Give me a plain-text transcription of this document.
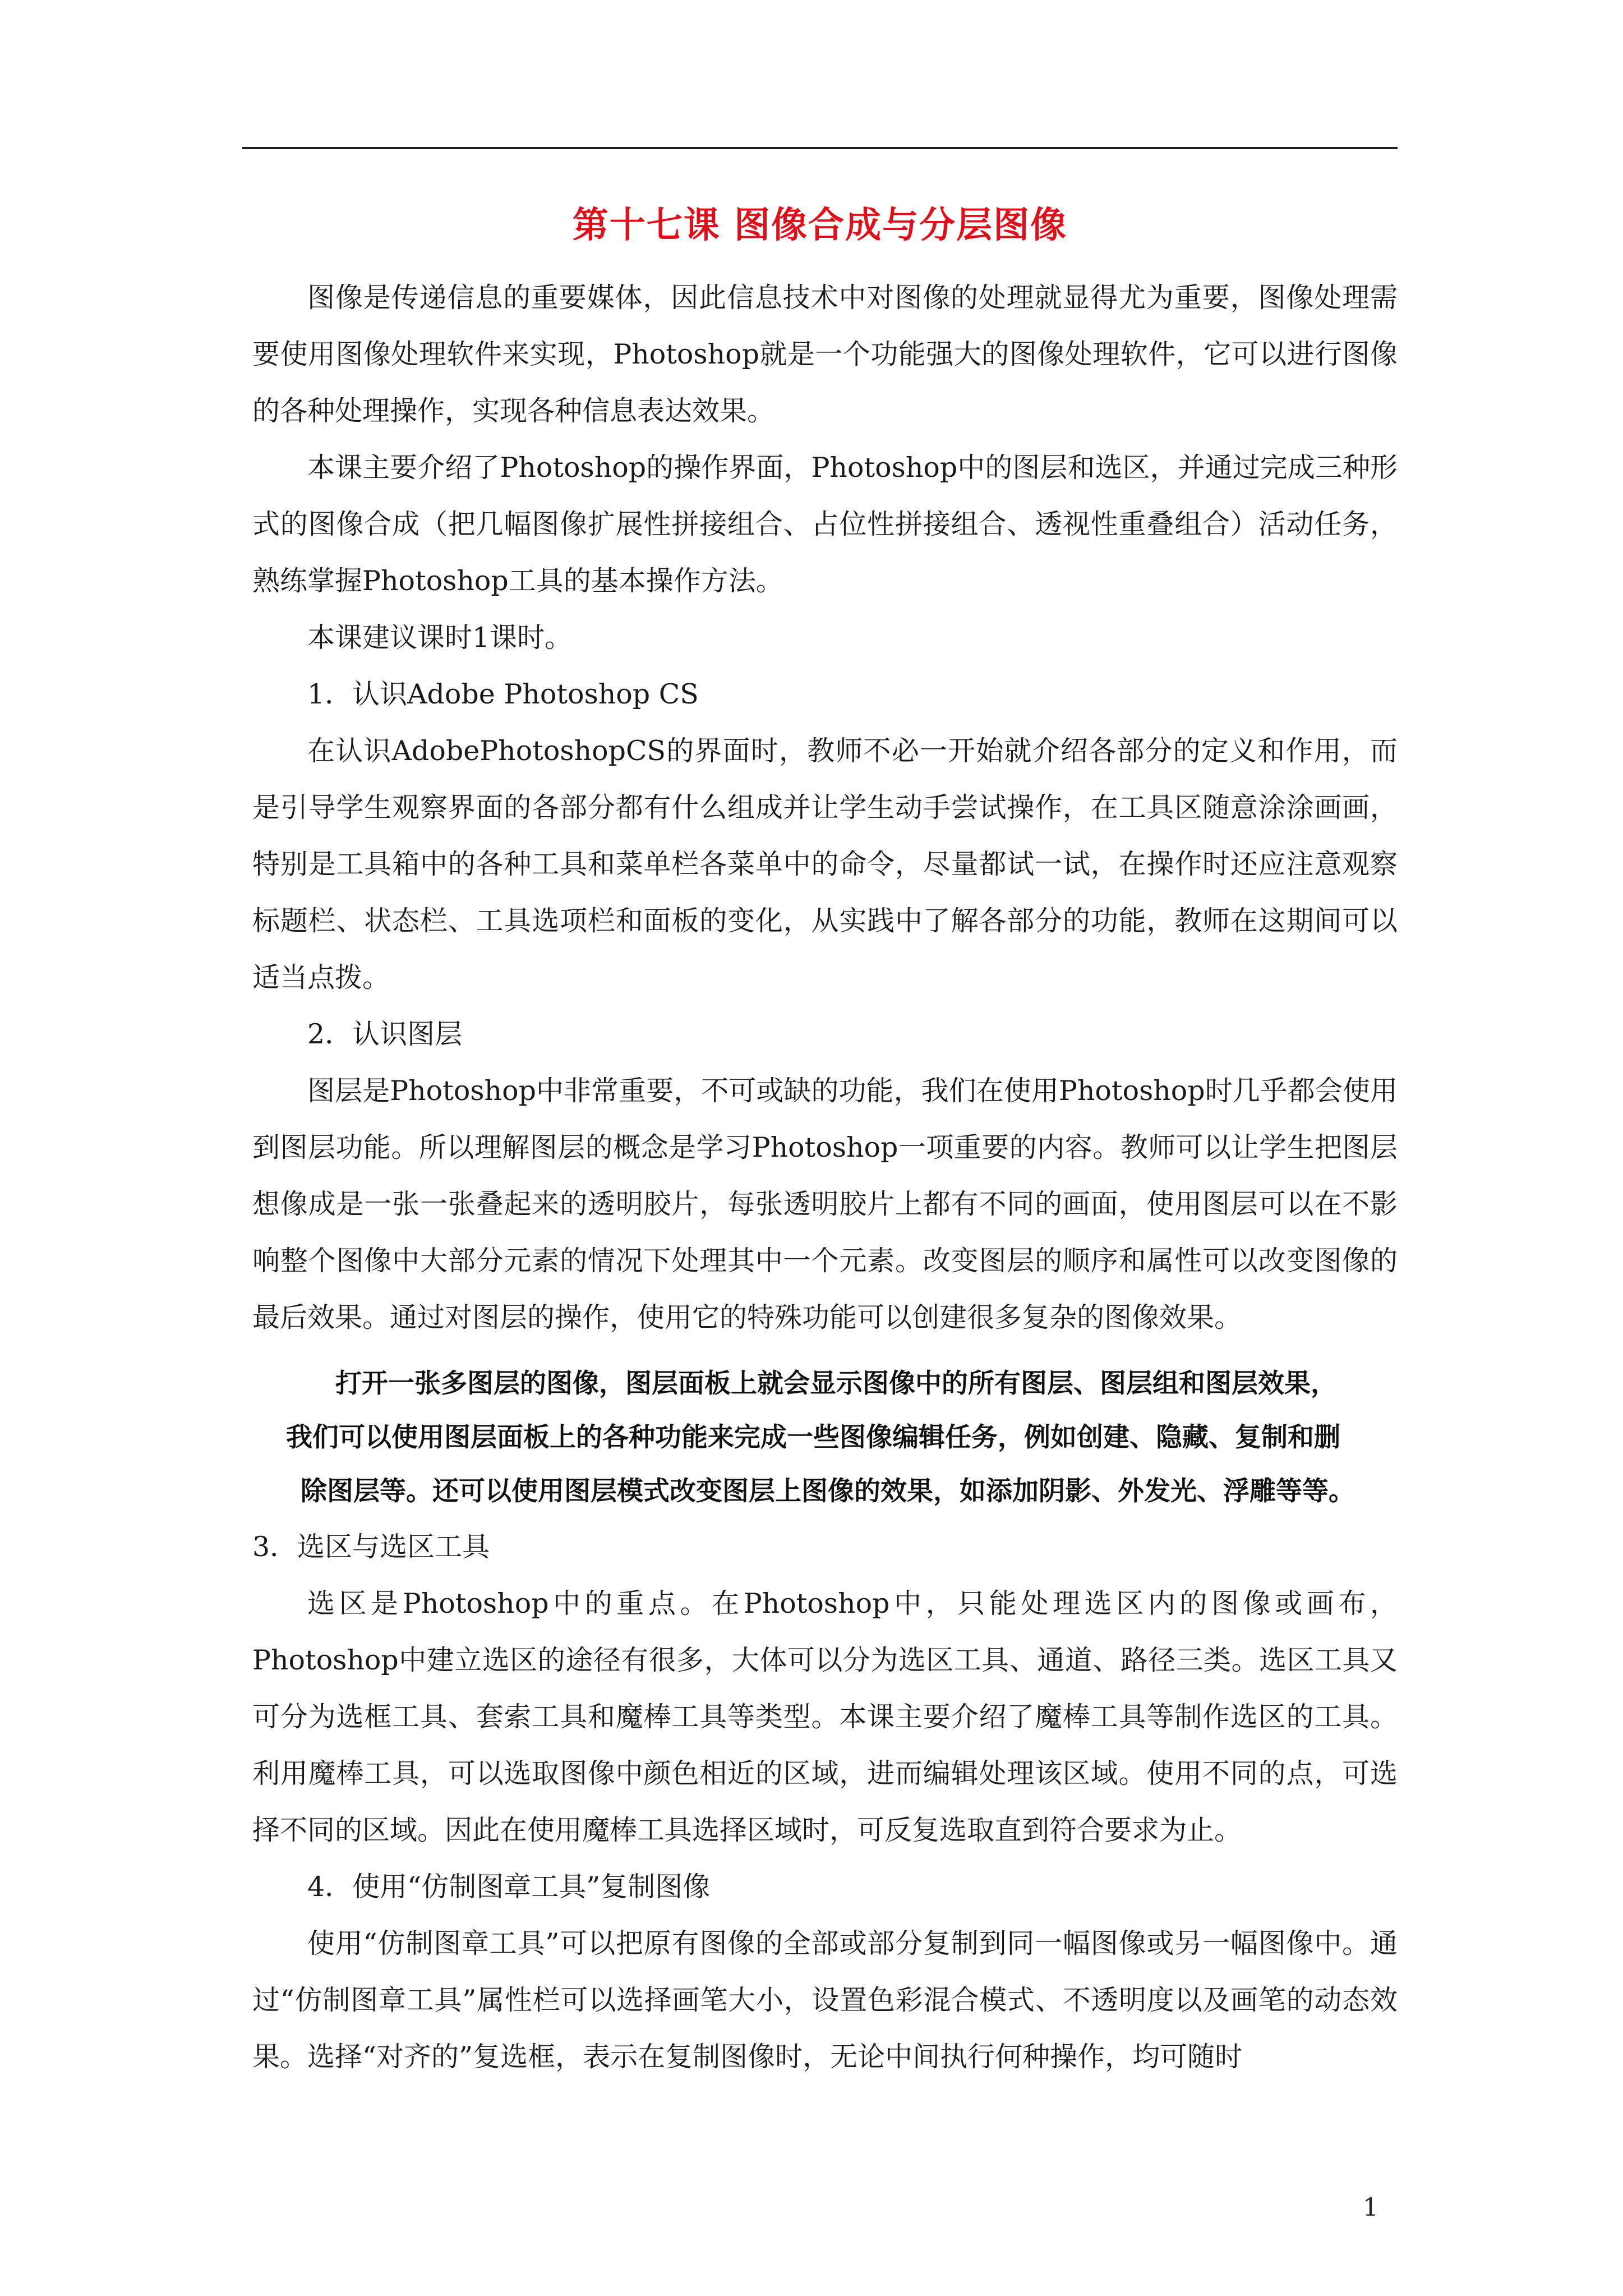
第十七课 图像合成与分层图像

图像是传递信息的重要媒体，因此信息技术中对图像的处理就显得尤为重要，图像处理需要使用图像处理软件来实现，Photoshop就是一个功能强大的图像处理软件，它可以进行图像的各种处理操作，实现各种信息表达效果。

本课主要介绍了Photoshop的操作界面，Photoshop中的图层和选区，并通过完成三种形式的图像合成（把几幅图像扩展性拼接组合、占位性拼接组合、透视性重叠组合）活动任务，熟练掌握Photoshop工具的基本操作方法。

本课建议课时1课时。

1．认识Adobe Photoshop CS

在认识AdobePhotoshopCS的界面时，教师不必一开始就介绍各部分的定义和作用，而是引导学生观察界面的各部分都有什么组成并让学生动手尝试操作，在工具区随意涂涂画画，特别是工具箱中的各种工具和菜单栏各菜单中的命令，尽量都试一试，在操作时还应注意观察标题栏、状态栏、工具选项栏和面板的变化，从实践中了解各部分的功能，教师在这期间可以适当点拨。

2．认识图层

图层是Photoshop中非常重要，不可或缺的功能，我们在使用Photoshop时几乎都会使用到图层功能。所以理解图层的概念是学习Photoshop一项重要的内容。教师可以让学生把图层想像成是一张一张叠起来的透明胶片，每张透明胶片上都有不同的画面，使用图层可以在不影响整个图像中大部分元素的情况下处理其中一个元素。改变图层的顺序和属性可以改变图像的最后效果。通过对图层的操作，使用它的特殊功能可以创建很多复杂的图像效果。

打开一张多图层的图像，图层面板上就会显示图像中的所有图层、图层组和图层效果，

我们可以使用图层面板上的各种功能来完成一些图像编辑任务，例如创建、隐藏、复制和删

除图层等。还可以使用图层模式改变图层上图像的效果，如添加阴影、外发光、浮雕等等。

3．选区与选区工具

选区是Photoshop中的重点。在Photoshop中，只能处理选区内的图像或画布，Photoshop中建立选区的途径有很多，大体可以分为选区工具、通道、路径三类。选区工具又可分为选框工具、套索工具和魔棒工具等类型。本课主要介绍了魔棒工具等制作选区的工具。利用魔棒工具，可以选取图像中颜色相近的区域，进而编辑处理该区域。使用不同的点，可选择不同的区域。因此在使用魔棒工具选择区域时，可反复选取直到符合要求为止。

4．使用“仿制图章工具”复制图像

使用“仿制图章工具”可以把原有图像的全部或部分复制到同一幅图像或另一幅图像中。通过“仿制图章工具”属性栏可以选择画笔大小，设置色彩混合模式、不透明度以及画笔的动态效果。选择“对齐的”复选框，表示在复制图像时，无论中间执行何种操作，均可随时

1
